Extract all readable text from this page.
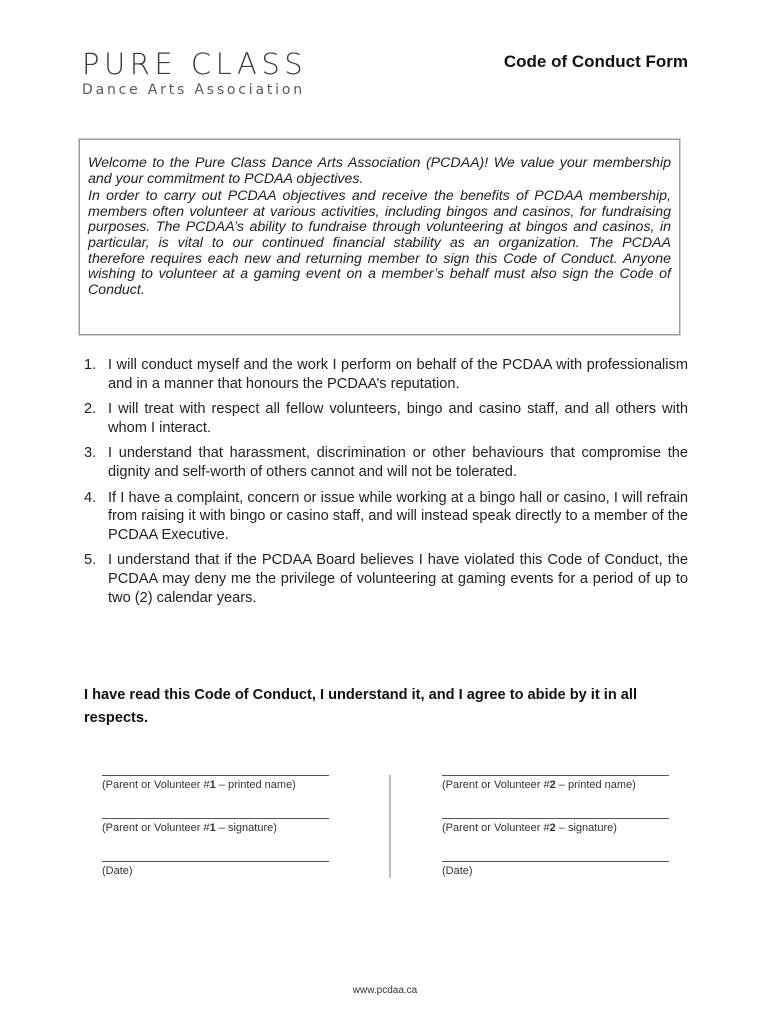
PURE CLASS
Dance Arts Association
Code of Conduct Form

Welcome to the Pure Class Dance Arts Association (PCDAA)! We value your membership and your commitment to PCDAA objectives.

In order to carry out PCDAA objectives and receive the benefits of PCDAA membership, members often volunteer at various activities, including bingos and casinos, for fundraising purposes. The PCDAA’s ability to fundraise through volunteering at bingos and casinos, in particular, is vital to our continued financial stability as an organization. The PCDAA therefore requires each new and returning member to sign this Code of Conduct. Anyone wishing to volunteer at a gaming event on a member’s behalf must also sign the Code of Conduct.

1. I will conduct myself and the work I perform on behalf of the PCDAA with professionalism and in a manner that honours the PCDAA’s reputation.
2. I will treat with respect all fellow volunteers, bingo and casino staff, and all others with whom I interact.
3. I understand that harassment, discrimination or other behaviours that compromise the dignity and self-worth of others cannot and will not be tolerated.
4. If I have a complaint, concern or issue while working at a bingo hall or casino, I will refrain from raising it with bingo or casino staff, and will instead speak directly to a member of the PCDAA Executive.
5. I understand that if the PCDAA Board believes I have violated this Code of Conduct, the PCDAA may deny me the privilege of volunteering at gaming events for a period of up to two (2) calendar years.
I have read this Code of Conduct, I understand it, and I agree to abide by it in all respects.
(Parent or Volunteer #1 – printed name)
(Parent or Volunteer #1 – signature)
(Date)
(Parent or Volunteer #2 – printed name)
(Parent or Volunteer #2 – signature)
(Date)
www.pcdaa.ca
